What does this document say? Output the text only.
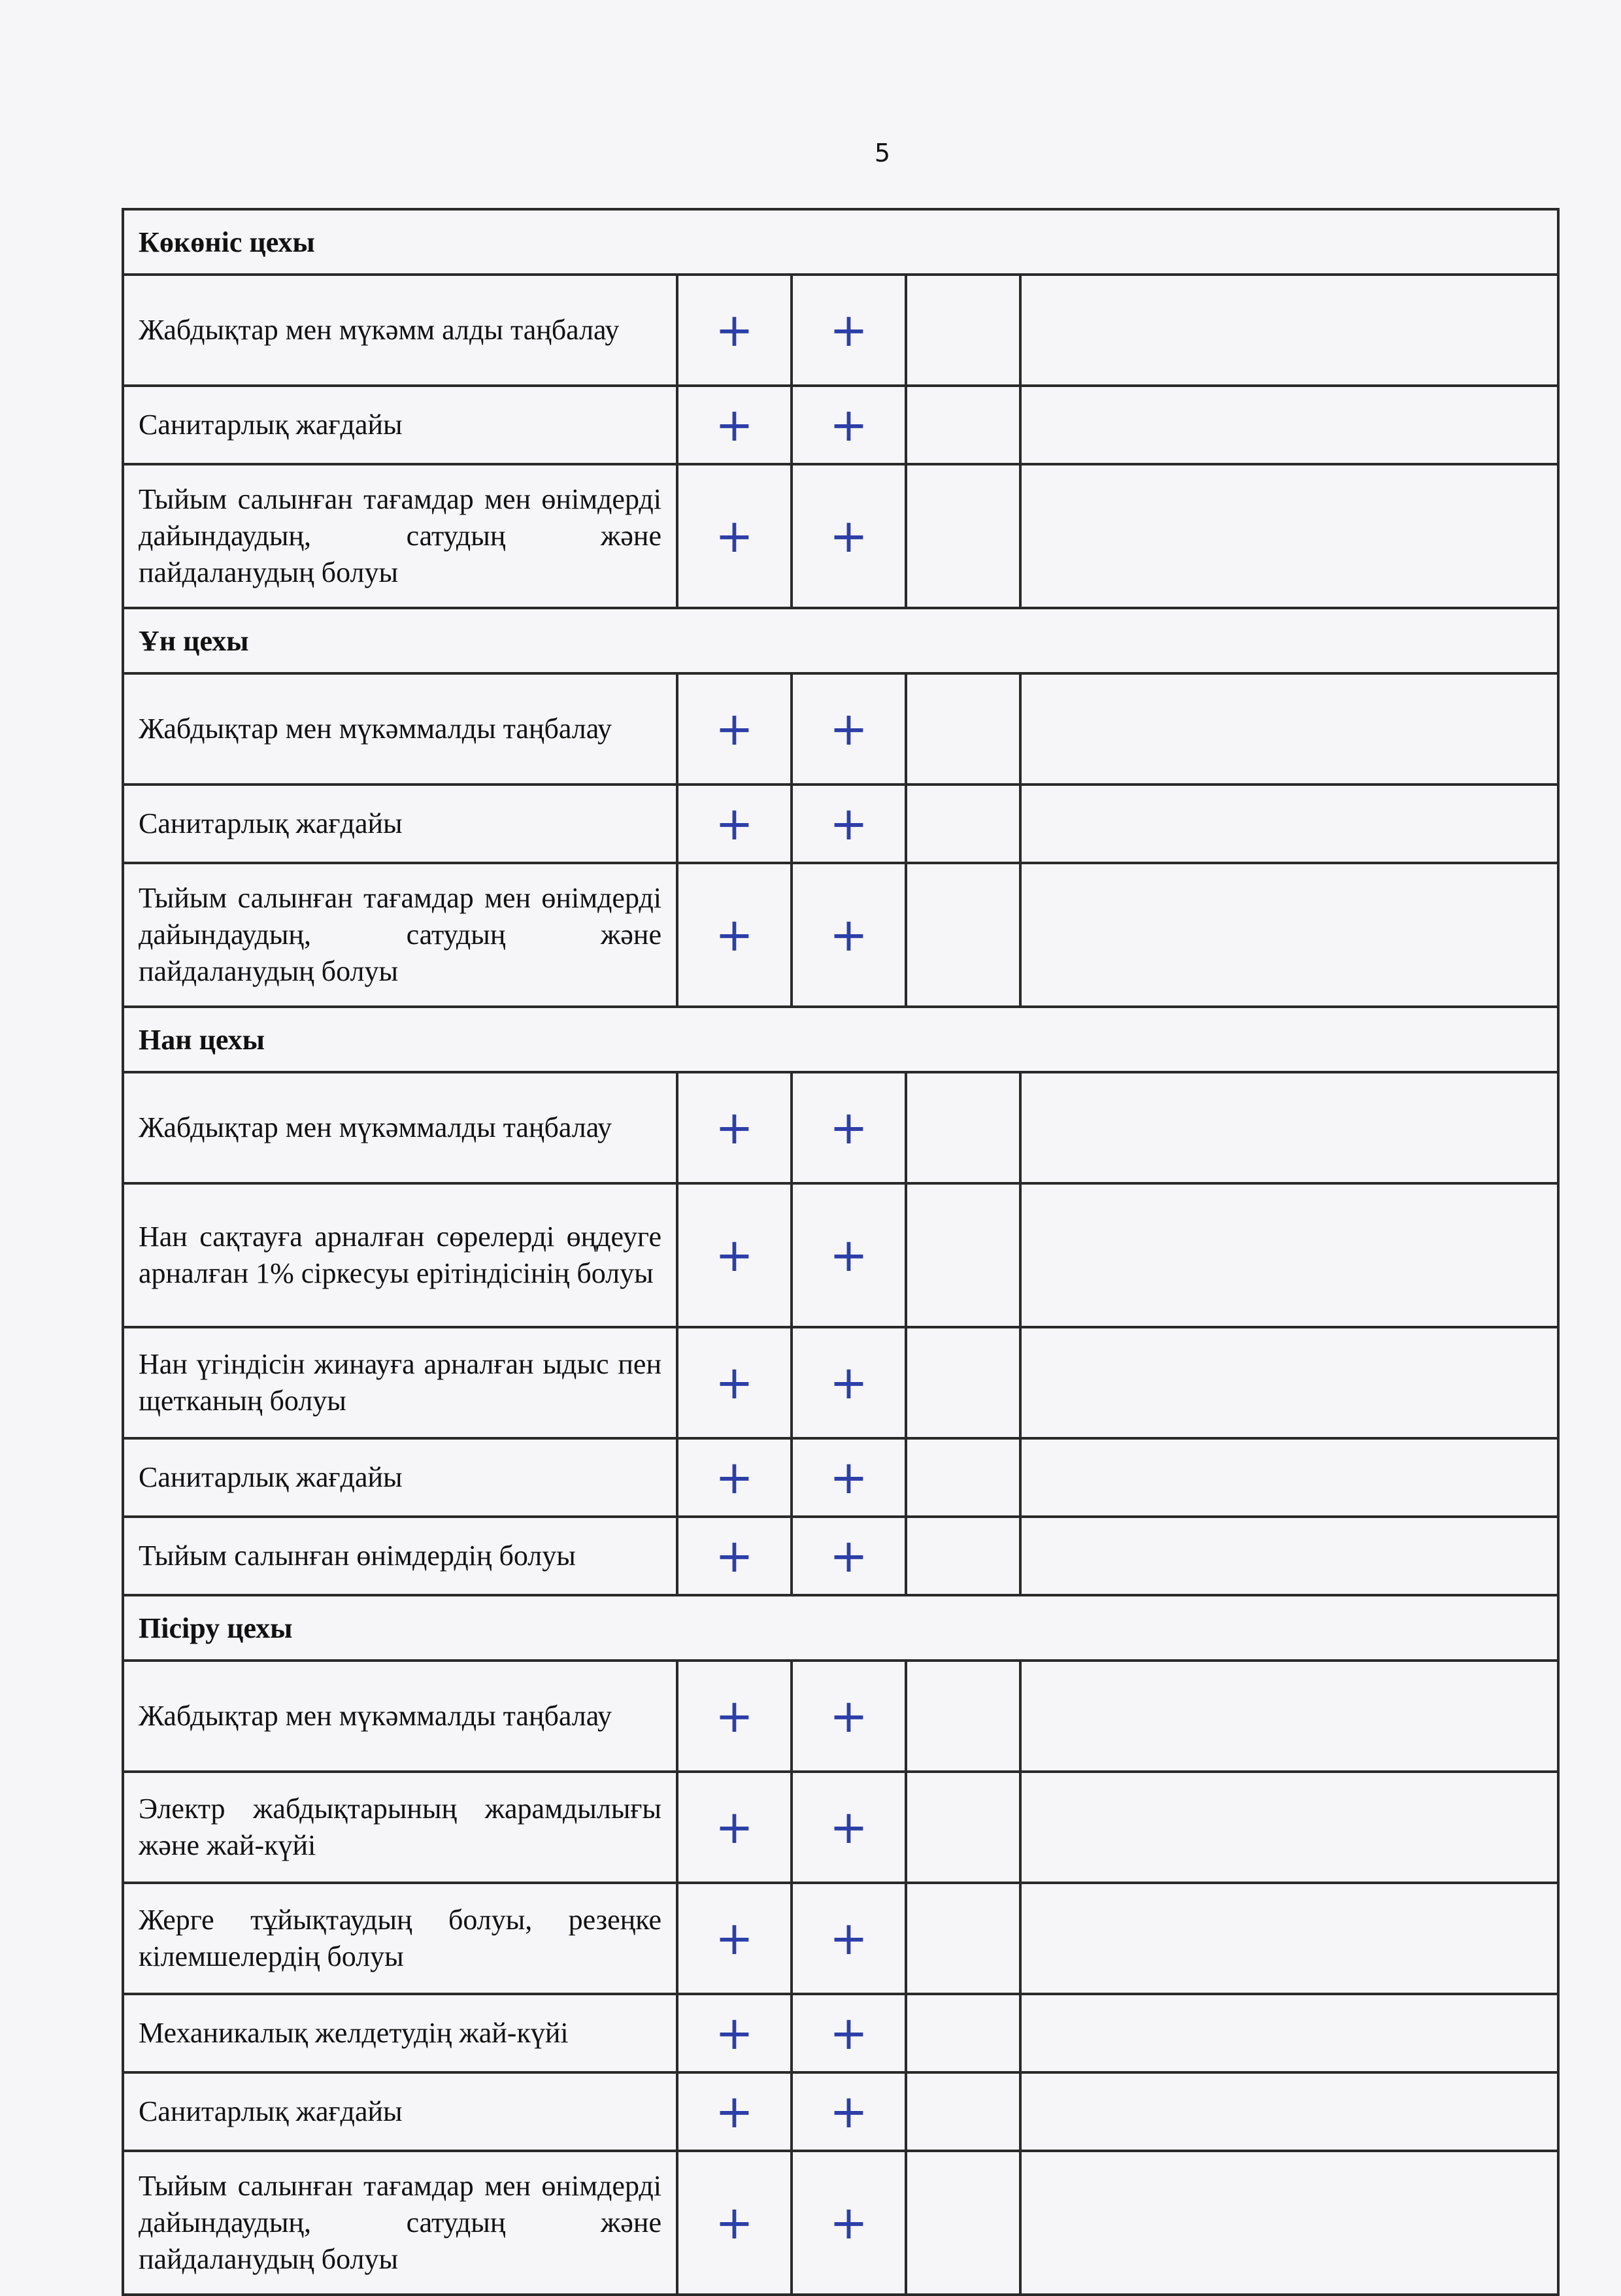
5
Көкөніс цехы				
Жабдықтар мен мүкәмм алды таңбалау	+	+		
Санитарлық жағдайы	+	+		
Тыйым салынған тағамдар мен өнімдерді дайындаудың, сатудың және пайдаланудың болуы	+	+		
Ұн цехы				
Жабдықтар мен мүкәммалды таңбалау	+	+		
Санитарлық жағдайы	+	+		
Тыйым салынған тағамдар мен өнімдерді дайындаудың, сатудың және пайдаланудың болуы	+	+		
Нан цехы				
Жабдықтар мен мүкәммалды таңбалау	+	+		
Нан сақтауға арналған сөрелерді өңдеуге арналған 1% сіркесуы ерітіндісінің болуы	+	+		
Нан үгіндісін жинауға арналған ыдыс пен щетканың болуы	+	+		
Санитарлық жағдайы	+	+		
Тыйым салынған өнімдердің болуы	+	+		
Пісіру цехы				
Жабдықтар мен мүкәммалды таңбалау	+	+		
Электр жабдықтарының жарамдылығы және жай-күйі	+	+		
Жерге тұйықтаудың болуы, резеңке кілемшелердің болуы	+	+		
Механикалық желдетудің жай-күйі	+	+		
Санитарлық жағдайы	+	+		
Тыйым салынған тағамдар мен өнімдерді дайындаудың, сатудың және пайдаланудың болуы	+	+		
